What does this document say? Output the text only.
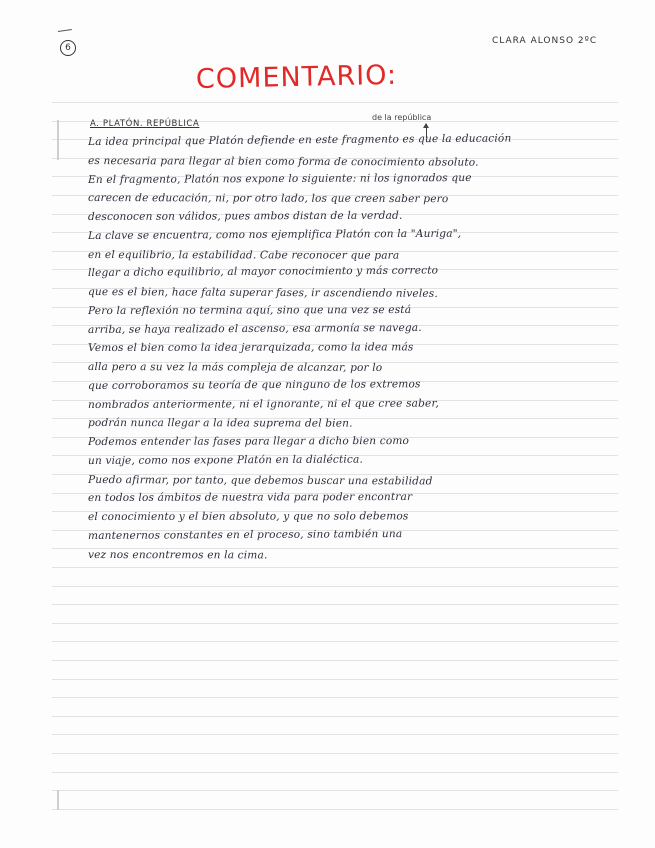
6
CLARA ALONSO 2ºC
COMENTARIO:
A. PLATÓN. REPÚBLICA
de la república
La idea principal que Platón defiende en este fragmento es que la educación
es necesaria para llegar al bien como forma de conocimiento absoluto.
En el fragmento, Platón nos expone lo siguiente: ni los ignorados que
carecen de educación, ni, por otro lado, los que creen saber pero
desconocen son válidos, pues ambos distan de la verdad.
La clave se encuentra, como nos ejemplifica Platón con la "Auriga",
en el equilibrio, la estabilidad. Cabe reconocer que para
llegar a dicho equilibrio, al mayor conocimiento y más correcto
que es el bien, hace falta superar fases, ir ascendiendo niveles.
Pero la reflexión no termina aquí, sino que una vez se está
arriba, se haya realizado el ascenso, esa armonía se navega.
Vemos el bien como la idea jerarquizada, como la idea más
alla pero a su vez la más compleja de alcanzar, por lo
que corroboramos su teoría de que ninguno de los extremos
nombrados anteriormente, ni el ignorante, ni el que cree saber,
podrán nunca llegar a la idea suprema del bien.
Podemos entender las fases para llegar a dicho bien como
un viaje, como nos expone Platón en la dialéctica.
Puedo afirmar, por tanto, que debemos buscar una estabilidad
en todos los ámbitos de nuestra vida para poder encontrar
el conocimiento y el bien absoluto, y que no solo debemos
mantenernos constantes en el proceso, sino también una
vez nos encontremos en la cima.
